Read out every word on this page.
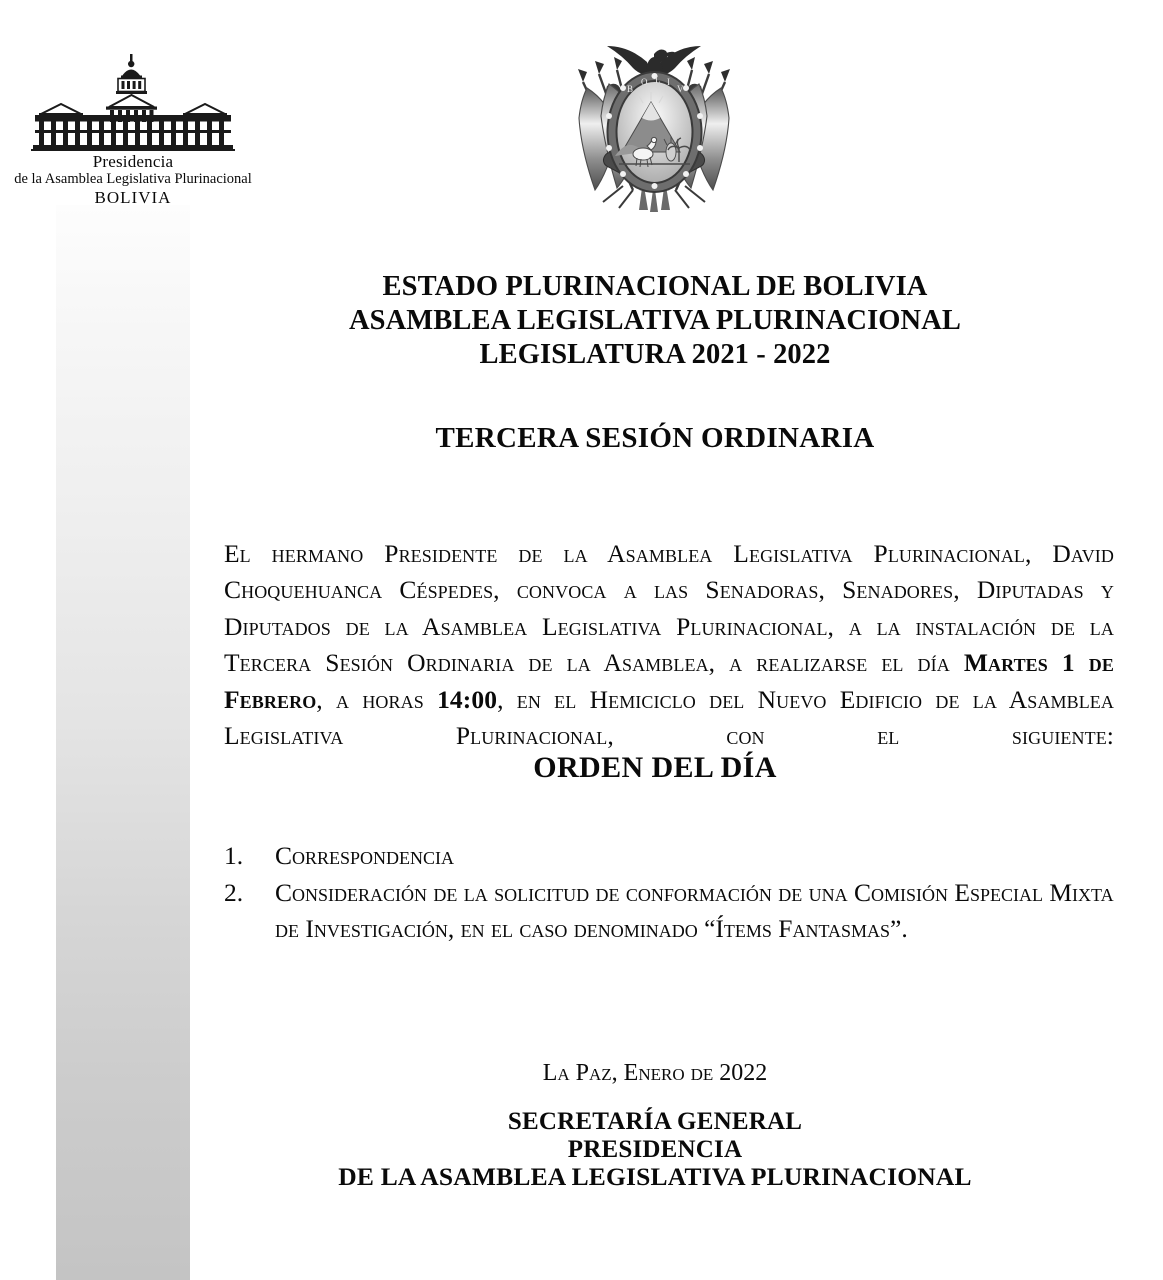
Presidencia
de la Asamblea Legislativa Plurinacional
BOLIVIA
B
O L I
V
ESTADO PLURINACIONAL DE BOLIVIA
ASAMBLEA LEGISLATIVA PLURINACIONAL
LEGISLATURA 2021 - 2022
TERCERA SESIÓN ORDINARIA

El hermano Presidente de la Asamblea Legislativa Plurinacional, David Choquehuanca Céspedes, convoca a las Senadoras, Senadores, Diputadas y Diputados de la Asamblea Legislativa Plurinacional, a la instalación de la Tercera Sesión Ordinaria de la Asamblea, a realizarse el día Martes 1 de Febrero, a horas 14:00, en el Hemiciclo del Nuevo Edificio de la Asamblea Legislativa Plurinacional, con el siguiente:

ORDEN DEL DÍA
1. Correspondencia
2. Consideración de la solicitud de conformación de una Comisión Especial Mixta de Investigación, en el caso denominado “Ítems Fantasmas”.
La Paz, Enero de 2022
SECRETARÍA GENERAL
PRESIDENCIA
DE LA ASAMBLEA LEGISLATIVA PLURINACIONAL
